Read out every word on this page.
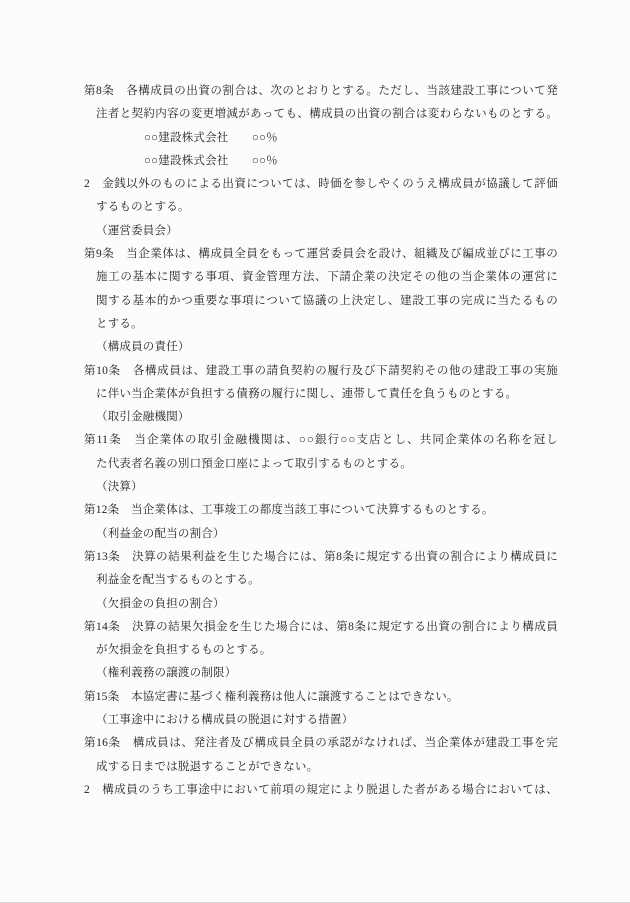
第8条　各構成員の出資の割合は、次のとおりとする。ただし、当該建設工事について発
注者と契約内容の変更増減があっても、構成員の出資の割合は変わらないものとする。
○○建設株式会社　　○○％
○○建設株式会社　　○○％
2　金銭以外のものによる出資については、時価を参しやくのうえ構成員が協議して評価
するものとする。
（運営委員会）
第9条　当企業体は、構成員全員をもって運営委員会を設け、組織及び編成並びに工事の
施工の基本に関する事項、資金管理方法、下請企業の決定その他の当企業体の運営に
関する基本的かつ重要な事項について協議の上決定し、建設工事の完成に当たるもの
とする。
（構成員の責任）
第10条　各構成員は、建設工事の請負契約の履行及び下請契約その他の建設工事の実施
に伴い当企業体が負担する債務の履行に関し、連帯して責任を負うものとする。
（取引金融機関）
第11条　当企業体の取引金融機関は、○○銀行○○支店とし、共同企業体の名称を冠し
た代表者名義の別口預金口座によって取引するものとする。
（決算）
第12条　当企業体は、工事竣工の都度当該工事について決算するものとする。
（利益金の配当の割合）
第13条　決算の結果利益を生じた場合には、第8条に規定する出資の割合により構成員に
利益金を配当するものとする。
（欠損金の負担の割合）
第14条　決算の結果欠損金を生じた場合には、第8条に規定する出資の割合により構成員
が欠損金を負担するものとする。
（権利義務の譲渡の制限）
第15条　本協定書に基づく権利義務は他人に譲渡することはできない。
（工事途中における構成員の脱退に対する措置）
第16条　構成員は、発注者及び構成員全員の承認がなければ、当企業体が建設工事を完
成する日までは脱退することができない。
2　構成員のうち工事途中において前項の規定により脱退した者がある場合においては、
